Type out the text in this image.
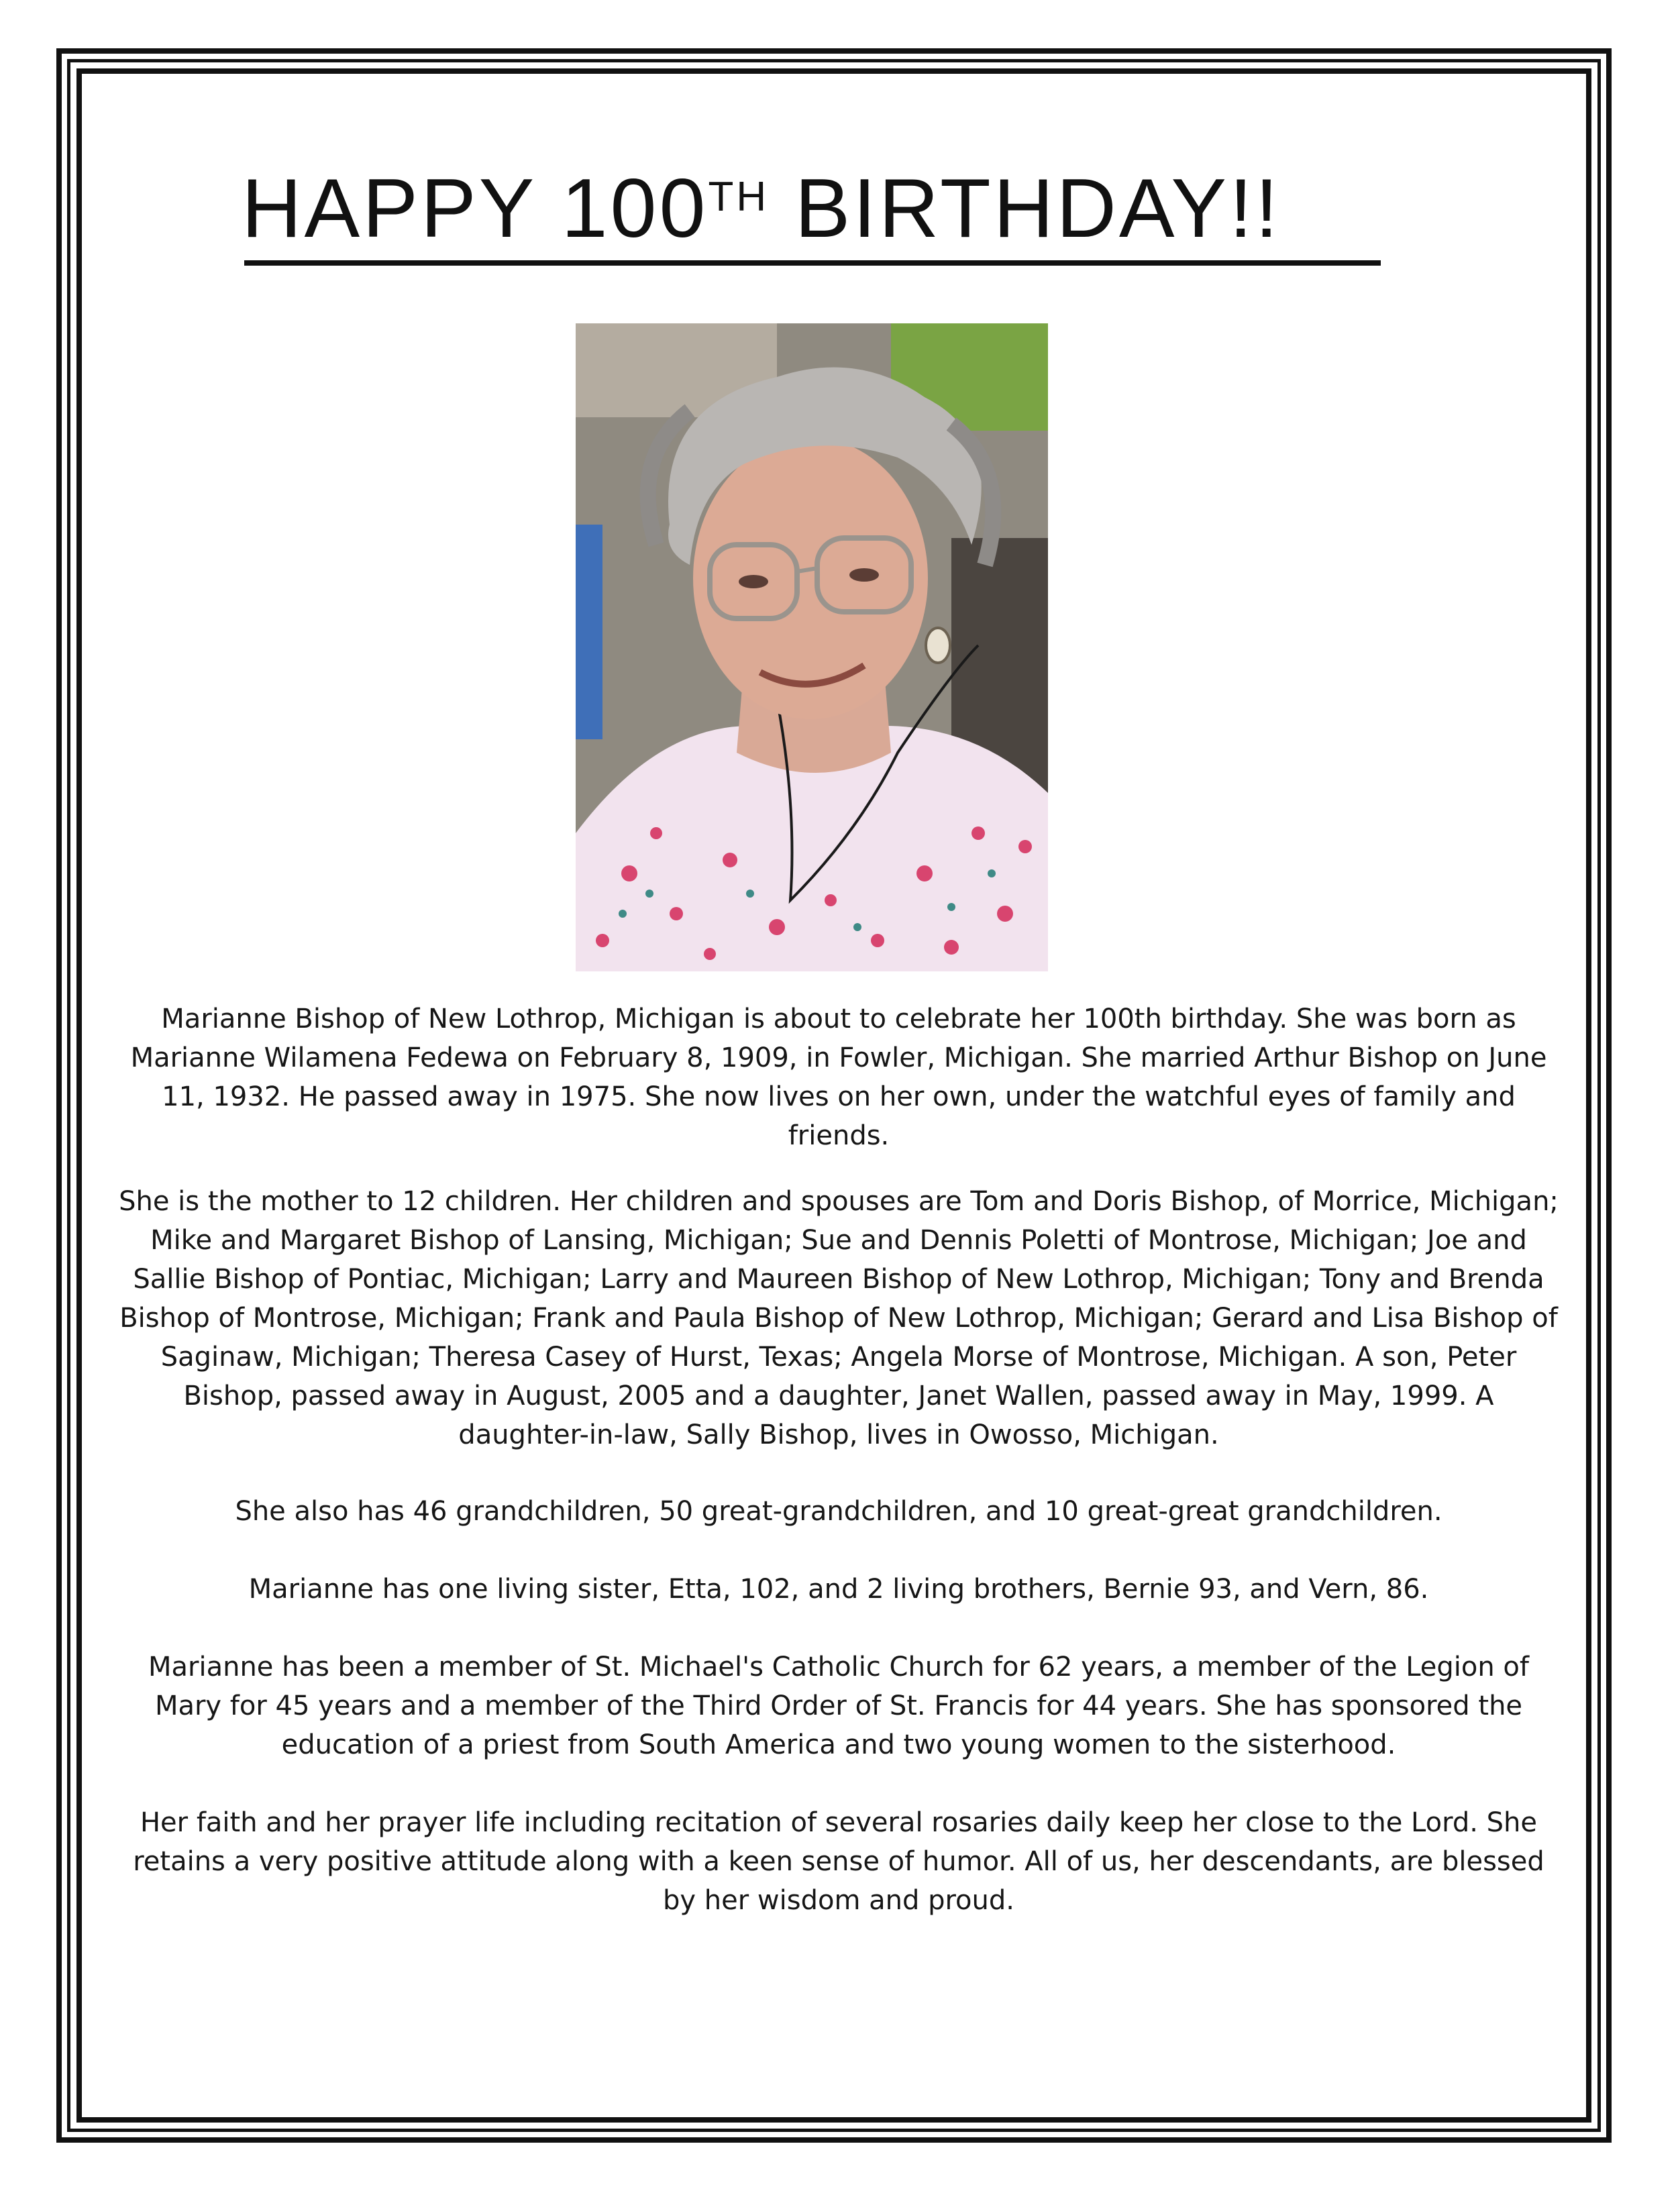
HAPPY 100TH BIRTHDAY!!

Marianne Bishop of New Lothrop, Michigan is about to celebrate her 100th birthday. She was born as Marianne Wilamena Fedewa on February 8, 1909, in Fowler, Michigan. She married Arthur Bishop on June 11, 1932. He passed away in 1975. She now lives on her own, under the watchful eyes of family and friends.

She is the mother to 12 children. Her children and spouses are Tom and Doris Bishop, of Morrice, Michigan; Mike and Margaret Bishop of Lansing, Michigan; Sue and Dennis Poletti of Montrose, Michigan; Joe and Sallie Bishop of Pontiac, Michigan; Larry and Maureen Bishop of New Lothrop, Michigan; Tony and Brenda Bishop of Montrose, Michigan; Frank and Paula Bishop of New Lothrop, Michigan; Gerard and Lisa Bishop of Saginaw, Michigan; Theresa Casey of Hurst, Texas; Angela Morse of Montrose, Michigan. A son, Peter Bishop, passed away in August, 2005 and a daughter, Janet Wallen, passed away in May, 1999. A daughter-in-law, Sally Bishop, lives in Owosso, Michigan.

She also has 46 grandchildren, 50 great-grandchildren, and 10 great-great grandchildren.

Marianne has one living sister, Etta, 102, and 2 living brothers, Bernie 93, and Vern, 86.

Marianne has been a member of St. Michael's Catholic Church for 62 years, a member of the Legion of Mary for 45 years and a member of the Third Order of St. Francis for 44 years. She has sponsored the education of a priest from South America and two young women to the sisterhood.

Her faith and her prayer life including recitation of several rosaries daily keep her close to the Lord. She retains a very positive attitude along with a keen sense of humor. All of us, her descendants, are blessed by her wisdom and proud.
